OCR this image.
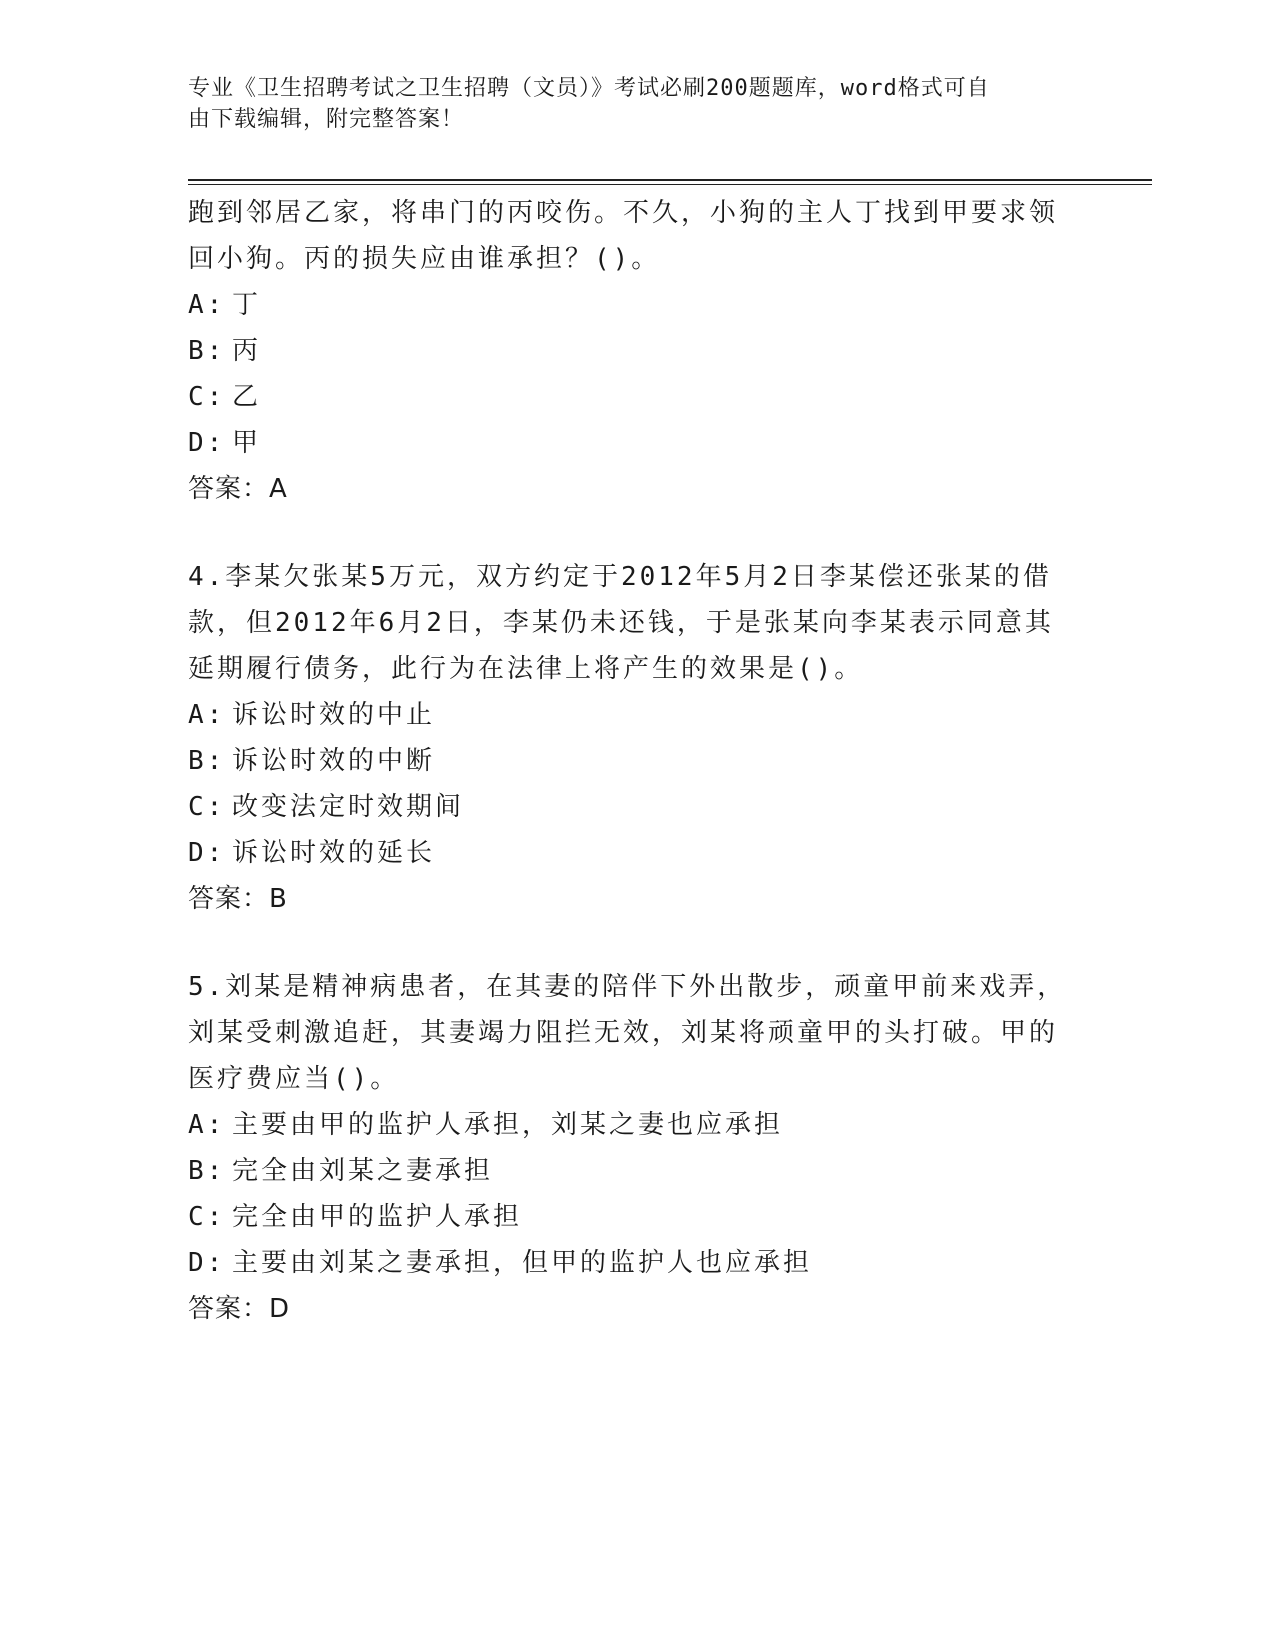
专业《卫生招聘考试之卫生招聘（文员）》考试必刷200题题库，word格式可自
由下载编辑，附完整答案！
跑到邻居乙家，将串门的丙咬伤。不久，小狗的主人丁找到甲要求领
回小狗。丙的损失应由谁承担？()。
A: 丁
B: 丙
C: 乙
D: 甲
答案：A
4.李某欠张某5万元，双方约定于2012年5月2日李某偿还张某的借
款，但2012年6月2日，李某仍未还钱，于是张某向李某表示同意其
延期履行债务，此行为在法律上将产生的效果是()。
A: 诉讼时效的中止
B: 诉讼时效的中断
C: 改变法定时效期间
D: 诉讼时效的延长
答案：B
5.刘某是精神病患者，在其妻的陪伴下外出散步，顽童甲前来戏弄，
刘某受刺激追赶，其妻竭力阻拦无效，刘某将顽童甲的头打破。甲的
医疗费应当()。
A: 主要由甲的监护人承担，刘某之妻也应承担
B: 完全由刘某之妻承担
C: 完全由甲的监护人承担
D: 主要由刘某之妻承担，但甲的监护人也应承担
答案：D
